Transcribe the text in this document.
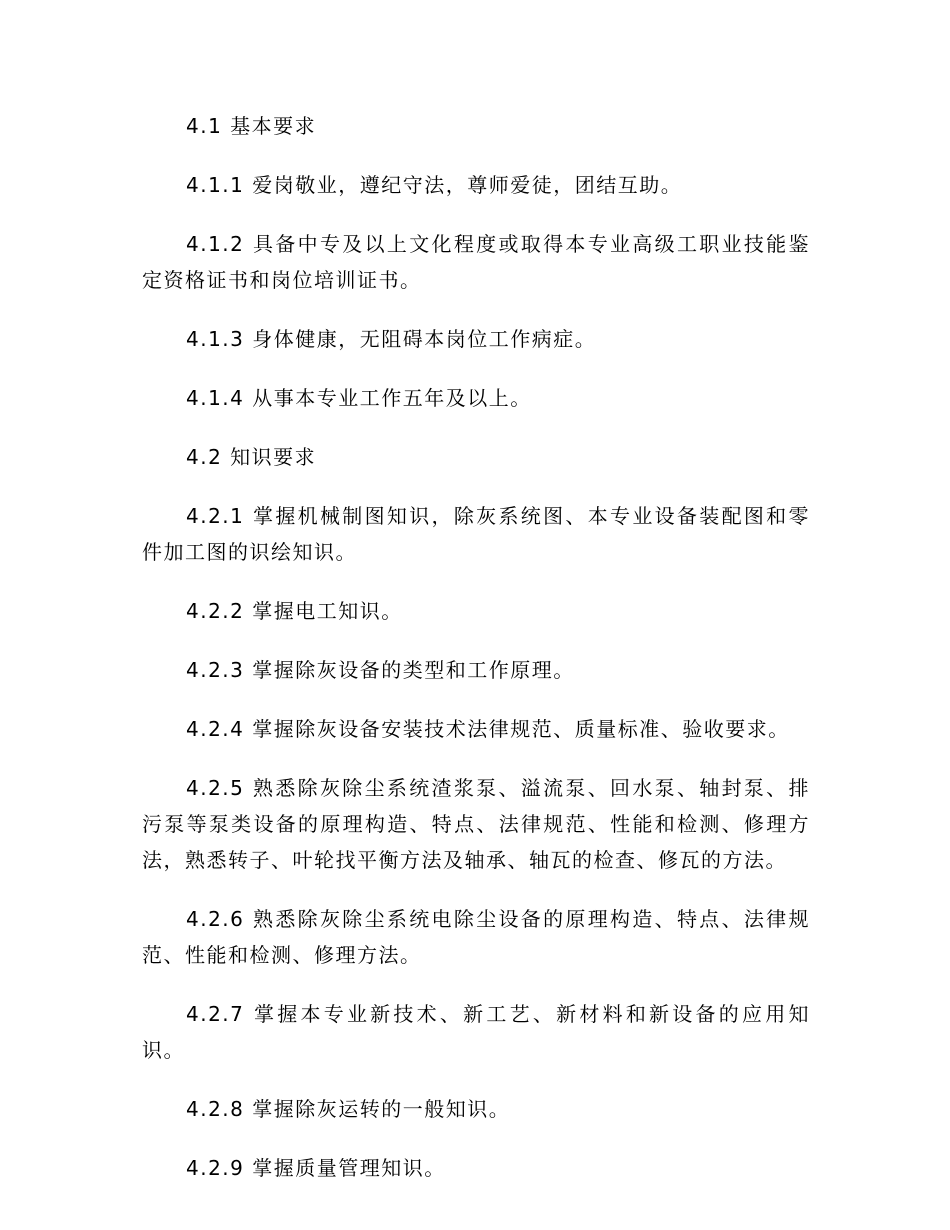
4.1 基本要求

4.1.1 爱岗敬业，遵纪守法，尊师爱徒，团结互助。

4.1.2 具备中专及以上文化程度或取得本专业高级工职业技能鉴定资格证书和岗位培训证书。

4.1.3 身体健康，无阻碍本岗位工作病症。

4.1.4 从事本专业工作五年及以上。

4.2 知识要求

4.2.1 掌握机械制图知识，除灰系统图、本专业设备装配图和零件加工图的识绘知识。

4.2.2 掌握电工知识。

4.2.3 掌握除灰设备的类型和工作原理。

4.2.4 掌握除灰设备安装技术法律规范、质量标准、验收要求。

4.2.5 熟悉除灰除尘系统渣浆泵、溢流泵、回水泵、轴封泵、排污泵等泵类设备的原理构造、特点、法律规范、性能和检测、修理方法，熟悉转子、叶轮找平衡方法及轴承、轴瓦的检查、修瓦的方法。

4.2.6 熟悉除灰除尘系统电除尘设备的原理构造、特点、法律规范、性能和检测、修理方法。

4.2.7 掌握本专业新技术、新工艺、新材料和新设备的应用知识。

4.2.8 掌握除灰运转的一般知识。

4.2.9 掌握质量管理知识。
